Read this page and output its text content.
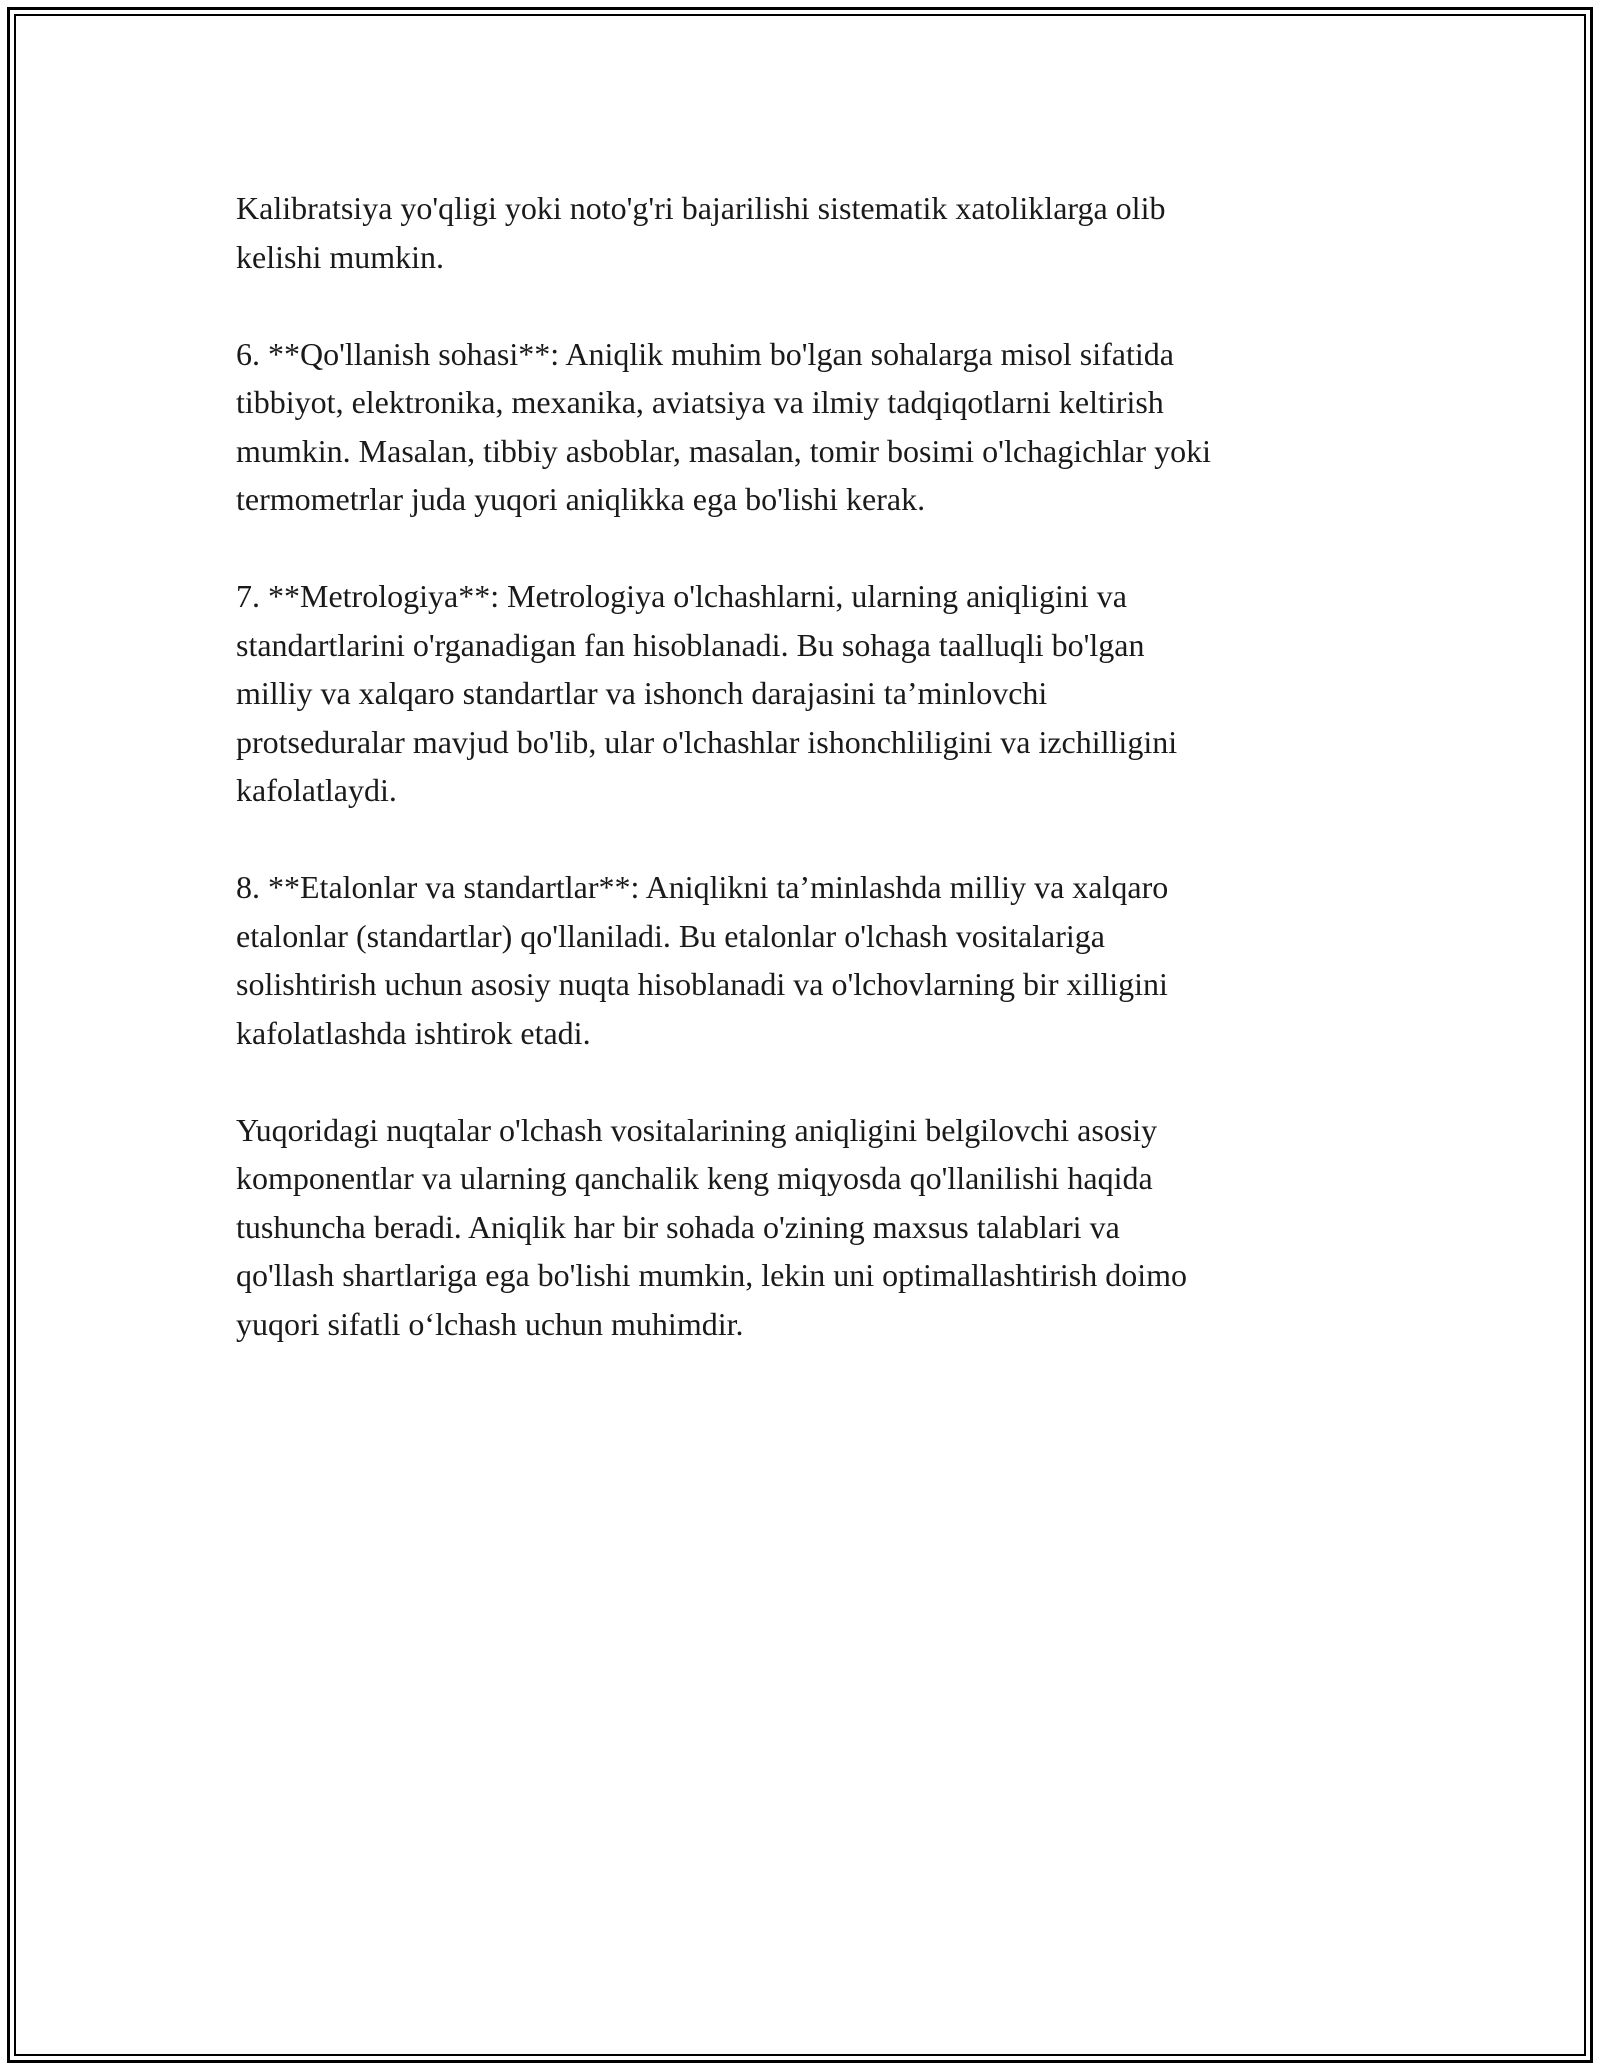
Kalibratsiya yo'qligi yoki noto'g'ri bajarilishi sistematik xatoliklarga olib
kelishi mumkin.

6. **Qo'llanish sohasi**: Aniqlik muhim bo'lgan sohalarga misol sifatida
tibbiyot, elektronika, mexanika, aviatsiya va ilmiy tadqiqotlarni keltirish
mumkin. Masalan, tibbiy asboblar, masalan, tomir bosimi o'lchagichlar yoki
termometrlar juda yuqori aniqlikka ega bo'lishi kerak.

7. **Metrologiya**: Metrologiya o'lchashlarni, ularning aniqligini va
standartlarini o'rganadigan fan hisoblanadi. Bu sohaga taalluqli bo'lgan
milliy va xalqaro standartlar va ishonch darajasini ta’minlovchi
protseduralar mavjud bo'lib, ular o'lchashlar ishonchliligini va izchilligini
kafolatlaydi.

8. **Etalonlar va standartlar**: Aniqlikni ta’minlashda milliy va xalqaro
etalonlar (standartlar) qo'llaniladi. Bu etalonlar o'lchash vositalariga
solishtirish uchun asosiy nuqta hisoblanadi va o'lchovlarning bir xilligini
kafolatlashda ishtirok etadi.

Yuqoridagi nuqtalar o'lchash vositalarining aniqligini belgilovchi asosiy
komponentlar va ularning qanchalik keng miqyosda qo'llanilishi haqida
tushuncha beradi. Aniqlik har bir sohada o'zining maxsus talablari va
qo'llash shartlariga ega bo'lishi mumkin, lekin uni optimallashtirish doimo
yuqori sifatli o‘lchash uchun muhimdir.
